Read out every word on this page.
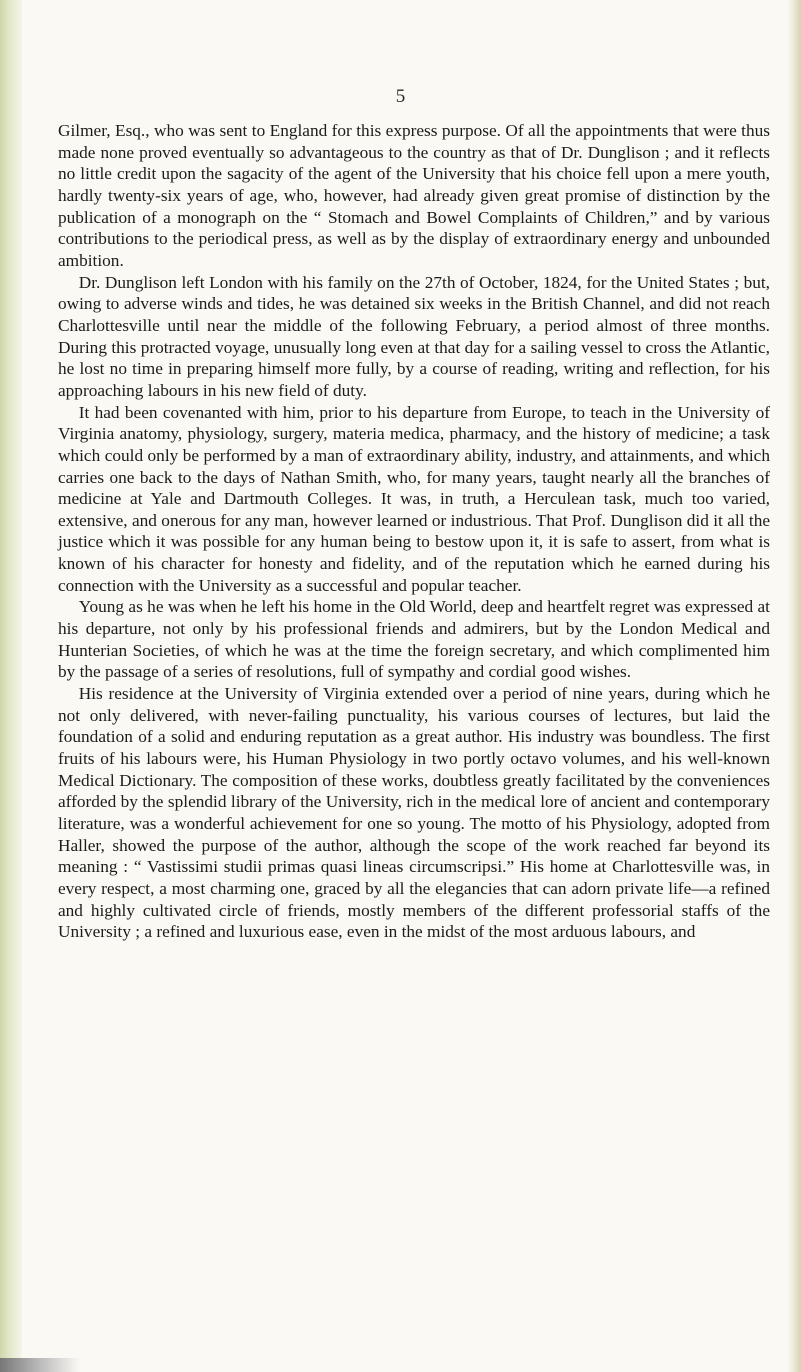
5

Gilmer, Esq., who was sent to England for this express purpose. Of all the appointments that were thus made none proved eventually so advantageous to the country as that of Dr. Dunglison ; and it reflects no little credit upon the sagacity of the agent of the University that his choice fell upon a mere youth, hardly twenty-six years of age, who, however, had already given great promise of distinction by the publication of a monograph on the “ Stomach and Bowel Complaints of Children,” and by various contributions to the periodical press, as well as by the display of extraordinary energy and unbounded ambition.

Dr. Dunglison left London with his family on the 27th of October, 1824, for the United States ; but, owing to adverse winds and tides, he was detained six weeks in the British Channel, and did not reach Charlottesville until near the middle of the following February, a period almost of three months. During this protracted voyage, unusually long even at that day for a sailing vessel to cross the Atlantic, he lost no time in preparing himself more fully, by a course of reading, writing and reflection, for his approaching labours in his new field of duty.

It had been covenanted with him, prior to his departure from Europe, to teach in the University of Virginia anatomy, physiology, surgery, materia medica, pharmacy, and the history of medicine; a task which could only be performed by a man of extraordinary ability, industry, and attainments, and which carries one back to the days of Nathan Smith, who, for many years, taught nearly all the branches of medicine at Yale and Dartmouth Colleges. It was, in truth, a Herculean task, much too varied, extensive, and onerous for any man, however learned or industrious. That Prof. Dunglison did it all the justice which it was possible for any human being to bestow upon it, it is safe to assert, from what is known of his character for honesty and fidelity, and of the reputation which he earned during his connection with the University as a successful and popular teacher.

Young as he was when he left his home in the Old World, deep and heartfelt regret was expressed at his departure, not only by his professional friends and admirers, but by the London Medical and Hunterian Societies, of which he was at the time the foreign secretary, and which complimented him by the passage of a series of resolutions, full of sympathy and cordial good wishes.

His residence at the University of Virginia extended over a period of nine years, during which he not only delivered, with never-failing punctuality, his various courses of lectures, but laid the foundation of a solid and enduring reputation as a great author. His industry was boundless. The first fruits of his labours were, his Human Physiology in two portly octavo volumes, and his well-known Medical Dictionary. The composition of these works, doubtless greatly facilitated by the conveniences afforded by the splendid library of the University, rich in the medical lore of ancient and contemporary literature, was a wonderful achievement for one so young. The motto of his Physiology, adopted from Haller, showed the purpose of the author, although the scope of the work reached far beyond its meaning : “ Vastissimi studii primas quasi lineas circumscripsi.” His home at Charlottesville was, in every respect, a most charming one, graced by all the elegancies that can adorn private life—a refined and highly cultivated circle of friends, mostly members of the different professorial staffs of the University ; a refined and luxurious ease, even in the midst of the most arduous labours, and
